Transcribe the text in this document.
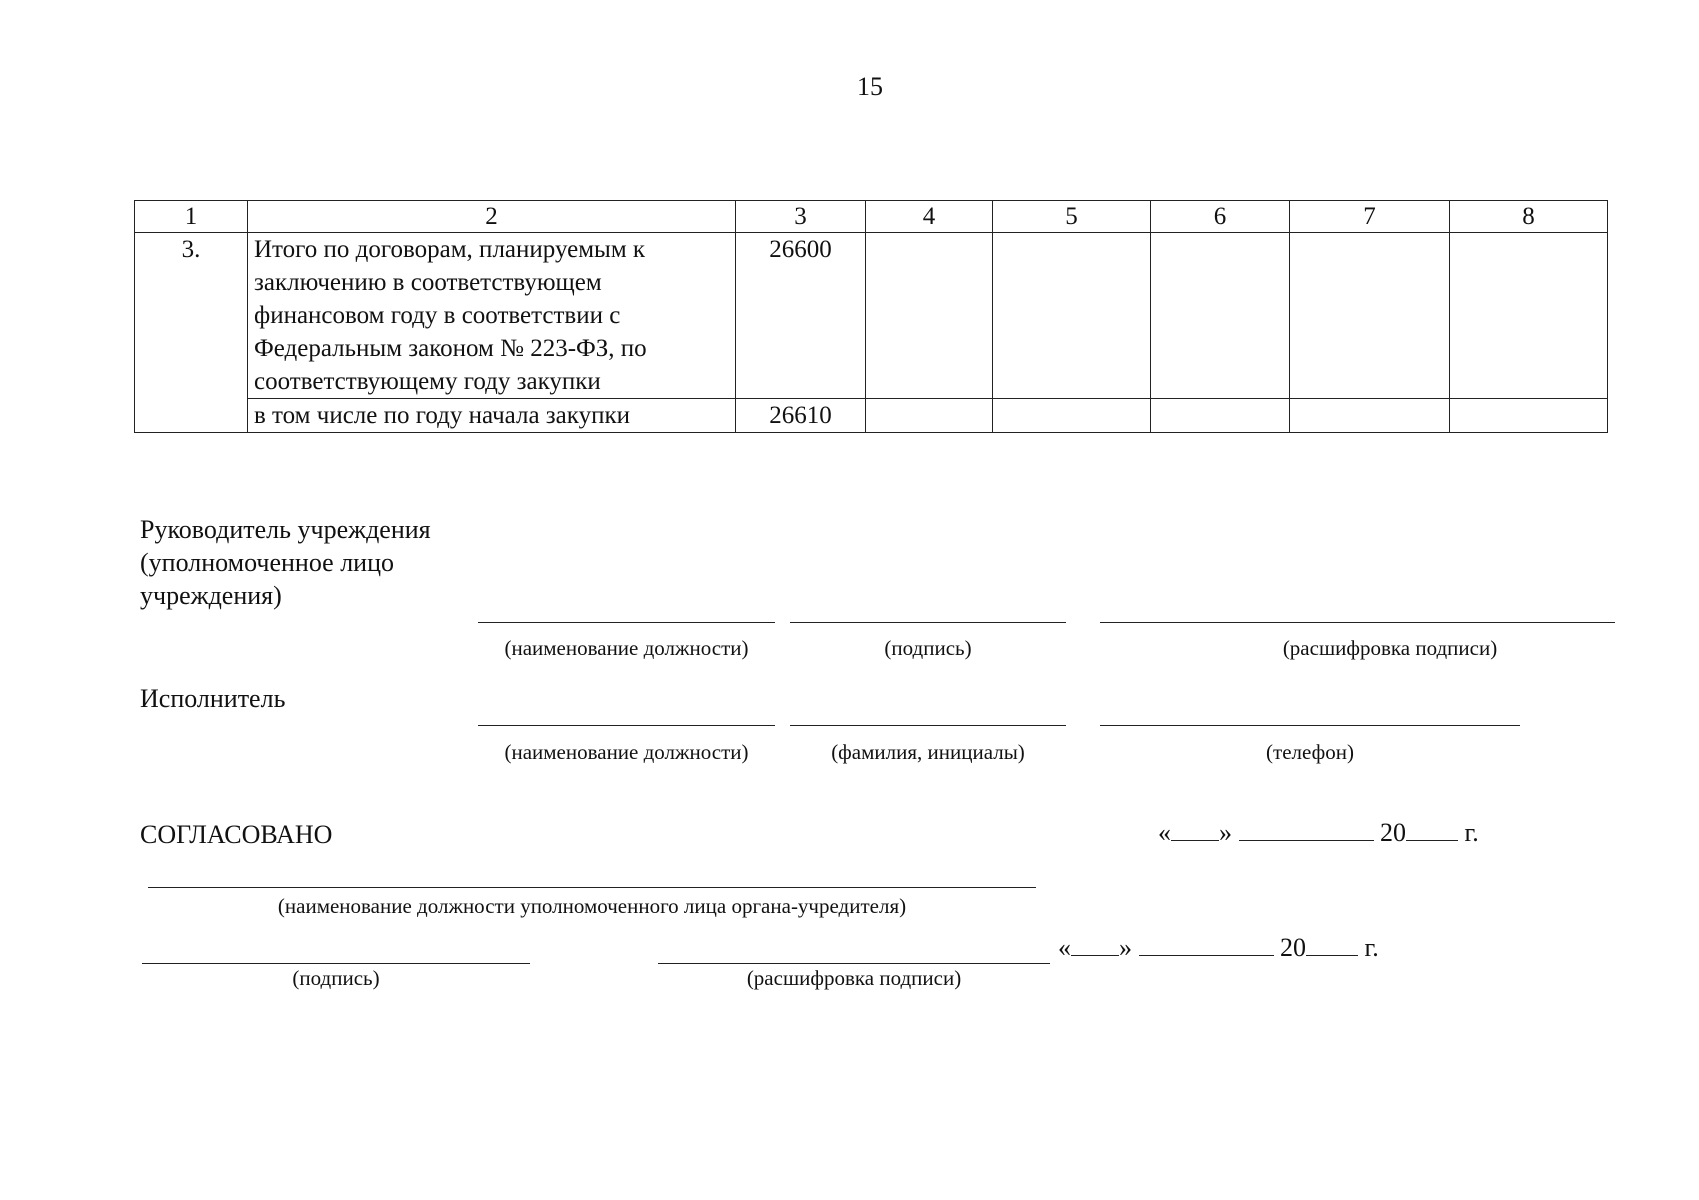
15
1	2	3	4	5	6	7	8
3.	Итого по договорам, планируемым к
заключению в соответствующем
финансовом году в соответствии с
Федеральным законом № 223-ФЗ, по
соответствующему году закупки	26600					
	в том числе по году начала закупки	26610					
Руководитель учреждения
(уполномоченное лицо
учреждения)
(наименование должности)	(подпись)	(расшифровка подписи)
Исполнитель
(наименование должности)	(фамилия, инициалы)	(телефон)
СОГЛАСОВАНО	« »	20 г.
(наименование должности уполномоченного лица органа-учредителя)
« »	20 г.
(подпись)	(расшифровка подписи)
